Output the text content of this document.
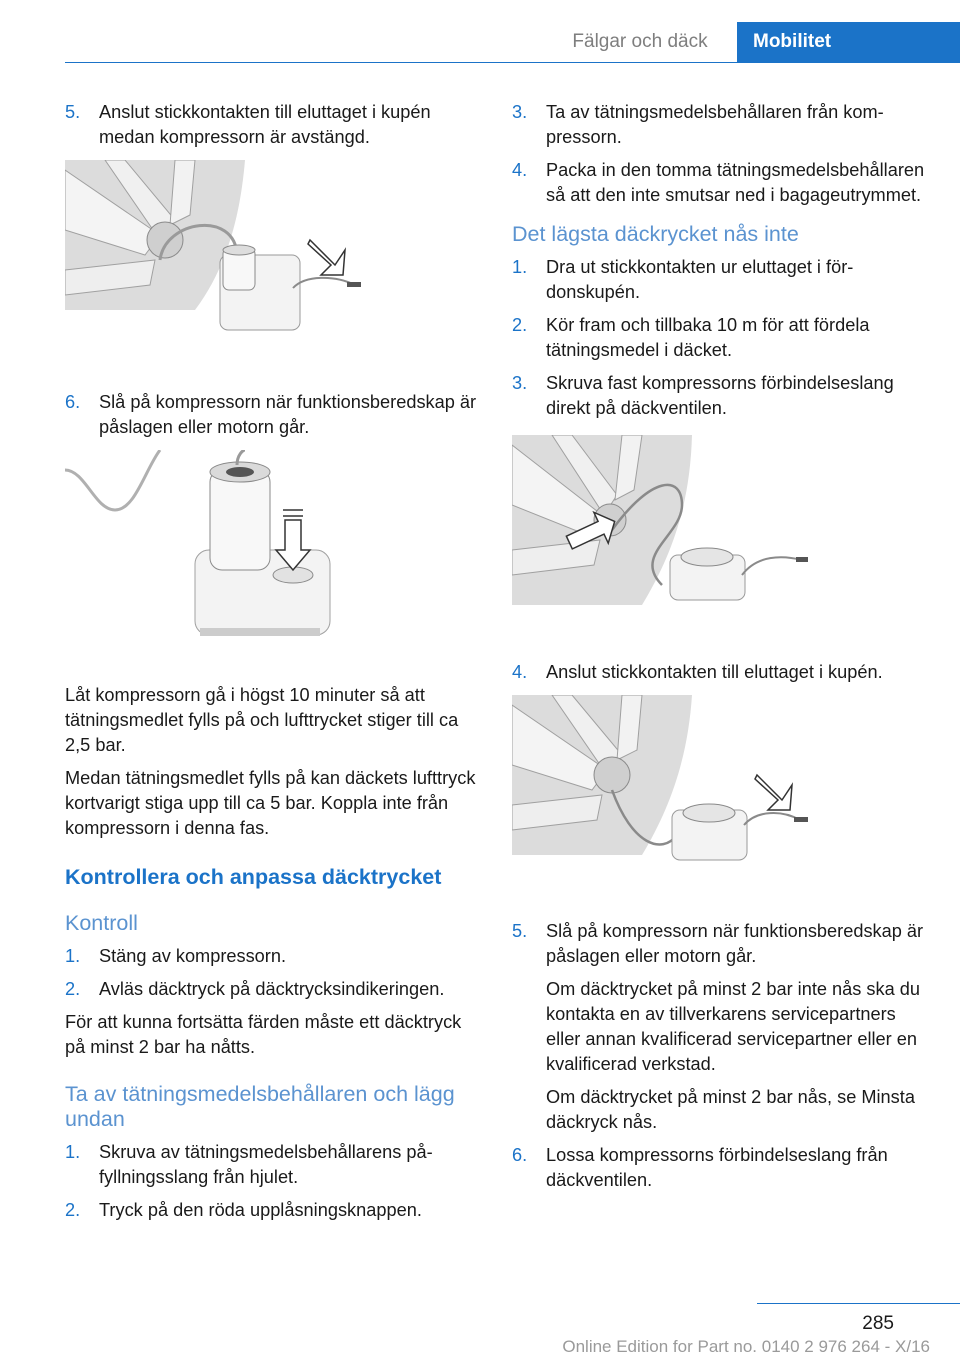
Fälgar och däck	Mobilitet
5. Anslut stickkontakten till eluttaget i kupén medan kompressorn är avstängd.
6. Slå på kompressorn när funktionsberedskap är påslagen eller motorn går.

Låt kompressorn gå i högst 10 minuter så att tätningsmedlet fylls på och lufttrycket stiger till ca 2,5 bar.

Medan tätningsmedlet fylls på kan däckets lufttryck kortvarigt stiga upp till ca 5 bar. Koppla inte från kompressorn i denna fas.

Kontrollera och anpassa däcktrycket
Kontroll
1. Stäng av kompressorn.
2. Avläs däcktryck på däcktrycksindikeringen.

För att kunna fortsätta färden måste ett däcktryck på minst 2 bar ha nåtts.

Ta av tätningsmedelsbehållaren och lägg undan
1. Skruva av tätningsmedelsbehållarens påfyllningsslang från hjulet.
2. Tryck på den röda upplåsningsknappen.
3. Ta av tätningsmedelsbehållaren från kompressorn.
4. Packa in den tomma tätningsmedelsbehållaren så att den inte smutsar ned i bagageutrymmet.
Det lägsta däckrycket nås inte
1. Dra ut stickkontakten ur eluttaget i fördonskupén.
2. Kör fram och tillbaka 10 m för att fördela tätningsmedel i däcket.
3. Skruva fast kompressorns förbindelseslang direkt på däckventilen.
4. Anslut stickkontakten till eluttaget i kupén.
5. Slå på kompressorn när funktionsberedskap är påslagen eller motorn går.

Om däcktrycket på minst 2 bar inte nås ska du kontakta en av tillverkarens servicepartners eller annan kvalificerad servicepartner eller en kvalificerad verkstad.

Om däcktrycket på minst 2 bar nås, se Minsta däckryck nås.

6. Lossa kompressorns förbindelseslang från däckventilen.
285
Online Edition for Part no. 0140 2 976 264 - X/16
